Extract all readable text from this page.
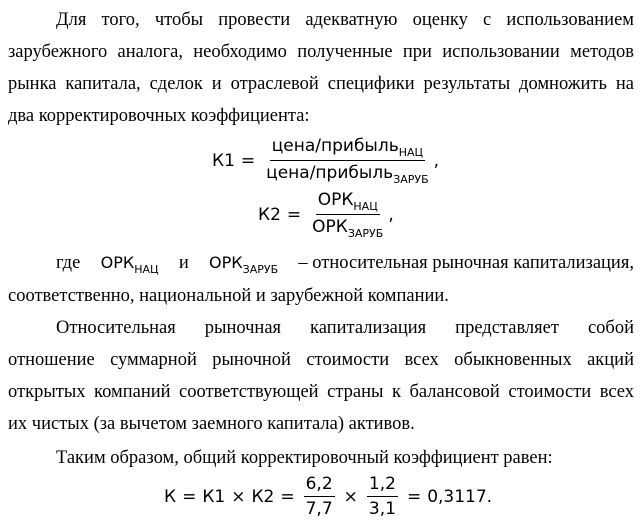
Для того, чтобы провести адекватную оценку с использованием
зарубежного аналога, необходимо полученные при использовании методов
рынка капитала, сделок и отраслевой специфики результаты домножить на
два корректировочных коэффициента:
$К1 = \frac{цена/прибыль_{НАЦ}}{цена/прибыль_{ЗАРУБ}}$ ,
$К2 = \frac{ОРК_{НАЦ}}{ОРК_{ЗАРУБ}}$ ,
где $ОРК_{НАЦ}$ и $ОРК_{ЗАРУБ}$ – относительная рыночная капитализация,
соответственно, национальной и зарубежной компании.
Относительная рыночная капитализация представляет собой
отношение суммарной рыночной стоимости всех обыкновенных акций
открытых компаний соответствующей страны к балансовой стоимости всех
их чистых (за вычетом заемного капитала) активов.
Таким образом, общий корректировочный коэффициент равен:
$К = К1 \times К2 = \frac{6,2}{7,7} \times \frac{1,2}{3,1} = 0,3117$.
